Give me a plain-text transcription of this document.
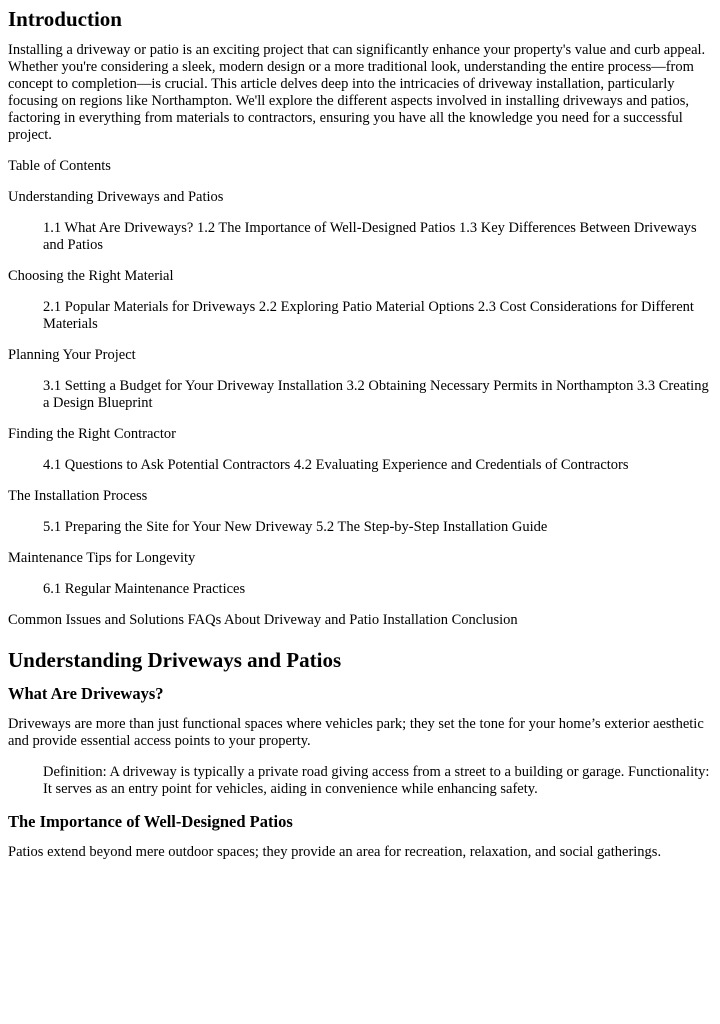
Introduction

Installing a driveway or patio is an exciting project that can significantly enhance your property's value and curb appeal. Whether you're considering a sleek, modern design or a more traditional look, understanding the entire process—from concept to completion—is crucial. This article delves deep into the intricacies of driveway installation, particularly focusing on regions like Northampton. We'll explore the different aspects involved in installing driveways and patios, factoring in everything from materials to contractors, ensuring you have all the knowledge you need for a successful project.

Table of Contents

Understanding Driveways and Patios

1.1 What Are Driveways? 1.2 The Importance of Well-Designed Patios 1.3 Key Differences Between Driveways and Patios

Choosing the Right Material

2.1 Popular Materials for Driveways 2.2 Exploring Patio Material Options 2.3 Cost Considerations for Different Materials

Planning Your Project

3.1 Setting a Budget for Your Driveway Installation 3.2 Obtaining Necessary Permits in Northampton 3.3 Creating a Design Blueprint

Finding the Right Contractor

4.1 Questions to Ask Potential Contractors 4.2 Evaluating Experience and Credentials of Contractors

The Installation Process

5.1 Preparing the Site for Your New Driveway 5.2 The Step-by-Step Installation Guide

Maintenance Tips for Longevity

6.1 Regular Maintenance Practices

Common Issues and Solutions FAQs About Driveway and Patio Installation Conclusion

Understanding Driveways and Patios
What Are Driveways?

Driveways are more than just functional spaces where vehicles park; they set the tone for your home’s exterior aesthetic and provide essential access points to your property.

Definition: A driveway is typically a private road giving access from a street to a building or garage. Functionality: It serves as an entry point for vehicles, aiding in convenience while enhancing safety.
The Importance of Well-Designed Patios

Patios extend beyond mere outdoor spaces; they provide an area for recreation, relaxation, and social gatherings.
